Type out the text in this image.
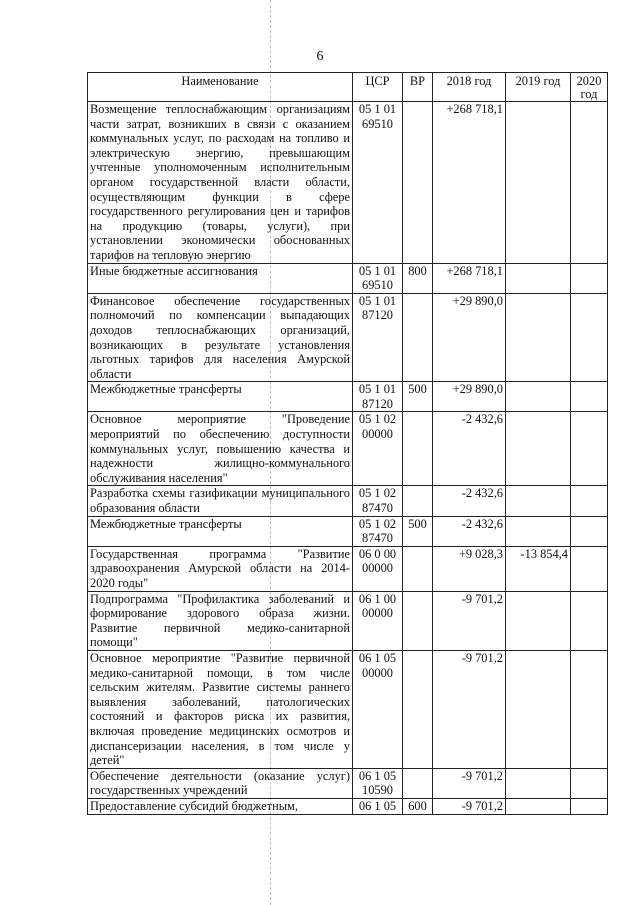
6
Наименование	ЦСР	ВР	2018 год	2019 год	2020 год
Возмещение теплоснабжающим организациям части затрат, возникших в связи с оказанием коммунальных услуг, по расходам на топливо и электрическую энергию, превышающим учтенные уполномоченным исполнительным органом государственной власти области, осуществляющим функции в сфере государственного регулирования цен и тарифов на продукцию (товары, услуги), при установлении экономически обоснованных тарифов на тепловую энергию	05 1 01 69510		+268 718,1		
Иные бюджетные ассигнования	05 1 01 69510	800	+268 718,1		
Финансовое обеспечение государственных полномочий по компенсации выпадающих доходов теплоснабжающих организаций, возникающих в результате установления льготных тарифов для населения Амурской области	05 1 01 87120		+29 890,0		
Межбюджетные трансферты	05 1 01 87120	500	+29 890,0		
Основное мероприятие "Проведение мероприятий по обеспечению доступности коммунальных услуг, повышению качества и надежности жилищно-коммунального обслуживания населения"	05 1 02 00000		-2 432,6		
Разработка схемы газификации муниципального образования области	05 1 02 87470		-2 432,6		
Межбюджетные трансферты	05 1 02 87470	500	-2 432,6		
Государственная программа "Развитие здравоохранения Амурской области на 2014-2020 годы"	06 0 00 00000		+9 028,3	-13 854,4	
Подпрограмма "Профилактика заболеваний и формирование здорового образа жизни. Развитие первичной медико-санитарной помощи"	06 1 00 00000		-9 701,2		
Основное мероприятие "Развитие первичной медико-санитарной помощи, в том числе сельским жителям. Развитие системы раннего выявления заболеваний, патологических состояний и факторов риска их развития, включая проведение медицинских осмотров и диспансеризации населения, в том числе у детей"	06 1 05 00000		-9 701,2		
Обеспечение деятельности (оказание услуг) государственных учреждений	06 1 05 10590		-9 701,2		
Предоставление субсидий бюджетным,	06 1 05	600	-9 701,2		
